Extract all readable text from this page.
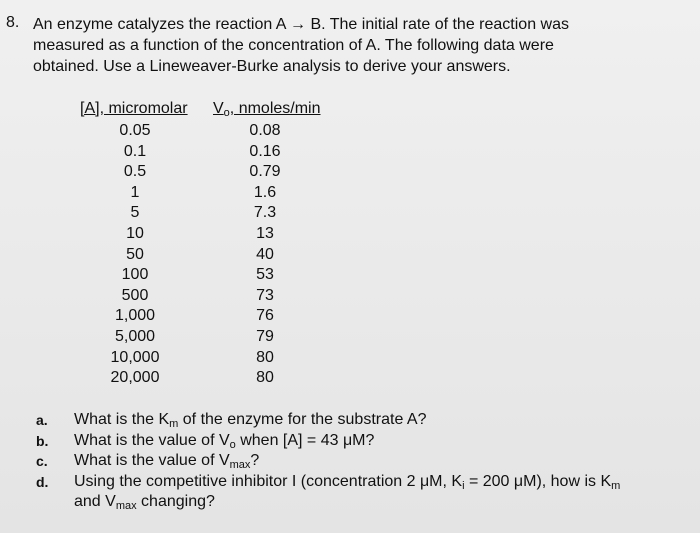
8. An enzyme catalyzes the reaction A → B. The initial rate of the reaction was
measured as a function of the concentration of A. The following data were
obtained. Use a Lineweaver-Burke analysis to derive your answers.
[A], micromolar $V_o$, nmoles/min
0.05
0.1
0.5
1
5
10
50
100
500
1,000
5,000
10,000
20,000
0.08
0.16
0.79
1.6
7.3
13
40
53
73
76
79
80
80
a. What is the $K_m$ of the enzyme for the substrate A?
b. What is the value of $V_o$ when [A] = 43 μM?
c. What is the value of $V_{max}$?
d. Using the competitive inhibitor I (concentration 2 μM, $K_i = 200$ μM), how is $K_m$
and $V_{max}$ changing?
